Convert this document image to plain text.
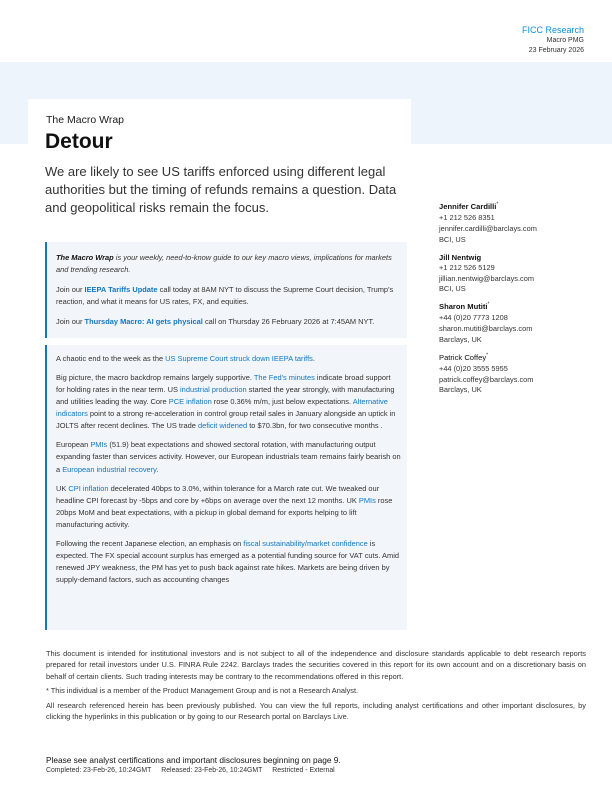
FICC Research
Macro PMG
23 February 2026
The Macro Wrap
Detour
We are likely to see US tariffs enforced using different legal authorities but the timing of refunds remains a question. Data and geopolitical risks remain the focus.	Jennifer Cardilli*
+1 212 526 8351
jennifer.cardilli@barclays.com
BCI, US
Jill Nentwig
+1 212 526 5129
jillian.nentwig@barclays.com
BCI, US
Sharon Mutiti*
+44 (0)20 7773 1208
sharon.mutiti@barclays.com
Barclays, UK
Patrick Coffey*
+44 (0)20 3555 5955
patrick.coffey@barclays.com
Barclays, UK

The Macro Wrap is your weekly, need-to-know guide to our key macro views, implications for markets and trending research.

Join our IEEPA Tariffs Update call today at 8AM NYT to discuss the Supreme Court decision, Trump's reaction, and what it means for US rates, FX, and equities.

Join our Thursday Macro: AI gets physical call on Thursday 26 February 2026 at 7:45AM NYT.

A chaotic end to the week as the US Supreme Court struck down IEEPA tariffs.

Big picture, the macro backdrop remains largely supportive. The Fed's minutes indicate broad support for holding rates in the near term. US industrial production started the year strongly, with manufacturing and utilities leading the way. Core PCE inflation rose 0.36% m/m, just below expectations. Alternative indicators point to a strong re-acceleration in control group retail sales in January alongside an uptick in JOLTS after recent declines. The US trade deficit widened to $70.3bn, for two consecutive months .

European PMIs (51.9) beat expectations and showed sectoral rotation, with manufacturing output expanding faster than services activity. However, our European industrials team remains fairly bearish on a European industrial recovery.

UK CPI inflation decelerated 40bps to 3.0%, within tolerance for a March rate cut. We tweaked our headline CPI forecast by -5bps and core by +6bps on average over the next 12 months. UK PMIs rose 20bps MoM and beat expectations, with a pickup in global demand for exports helping to lift manufacturing activity.

Following the recent Japanese election, an emphasis on fiscal sustainability/market confidence is expected. The FX special account surplus has emerged as a potential funding source for VAT cuts. Amid renewed JPY weakness, the PM has yet to push back against rate hikes. Markets are being driven by supply-demand factors, such as accounting changes

This document is intended for institutional investors and is not subject to all of the independence and disclosure standards applicable to debt research reports prepared for retail investors under U.S. FINRA Rule 2242. Barclays trades the securities covered in this report for its own account and on a discretionary basis on behalf of certain clients. Such trading interests may be contrary to the recommendations offered in this report.

* This individual is a member of the Product Management Group and is not a Research Analyst.

All research referenced herein has been previously published. You can view the full reports, including analyst certifications and other important disclosures, by clicking the hyperlinks in this publication or by going to our Research portal on Barclays Live.

Please see analyst certifications and important disclosures beginning on page 9.
Completed: 23-Feb-26, 10:24GMT Released: 23-Feb-26, 10:24GMT Restricted - External
